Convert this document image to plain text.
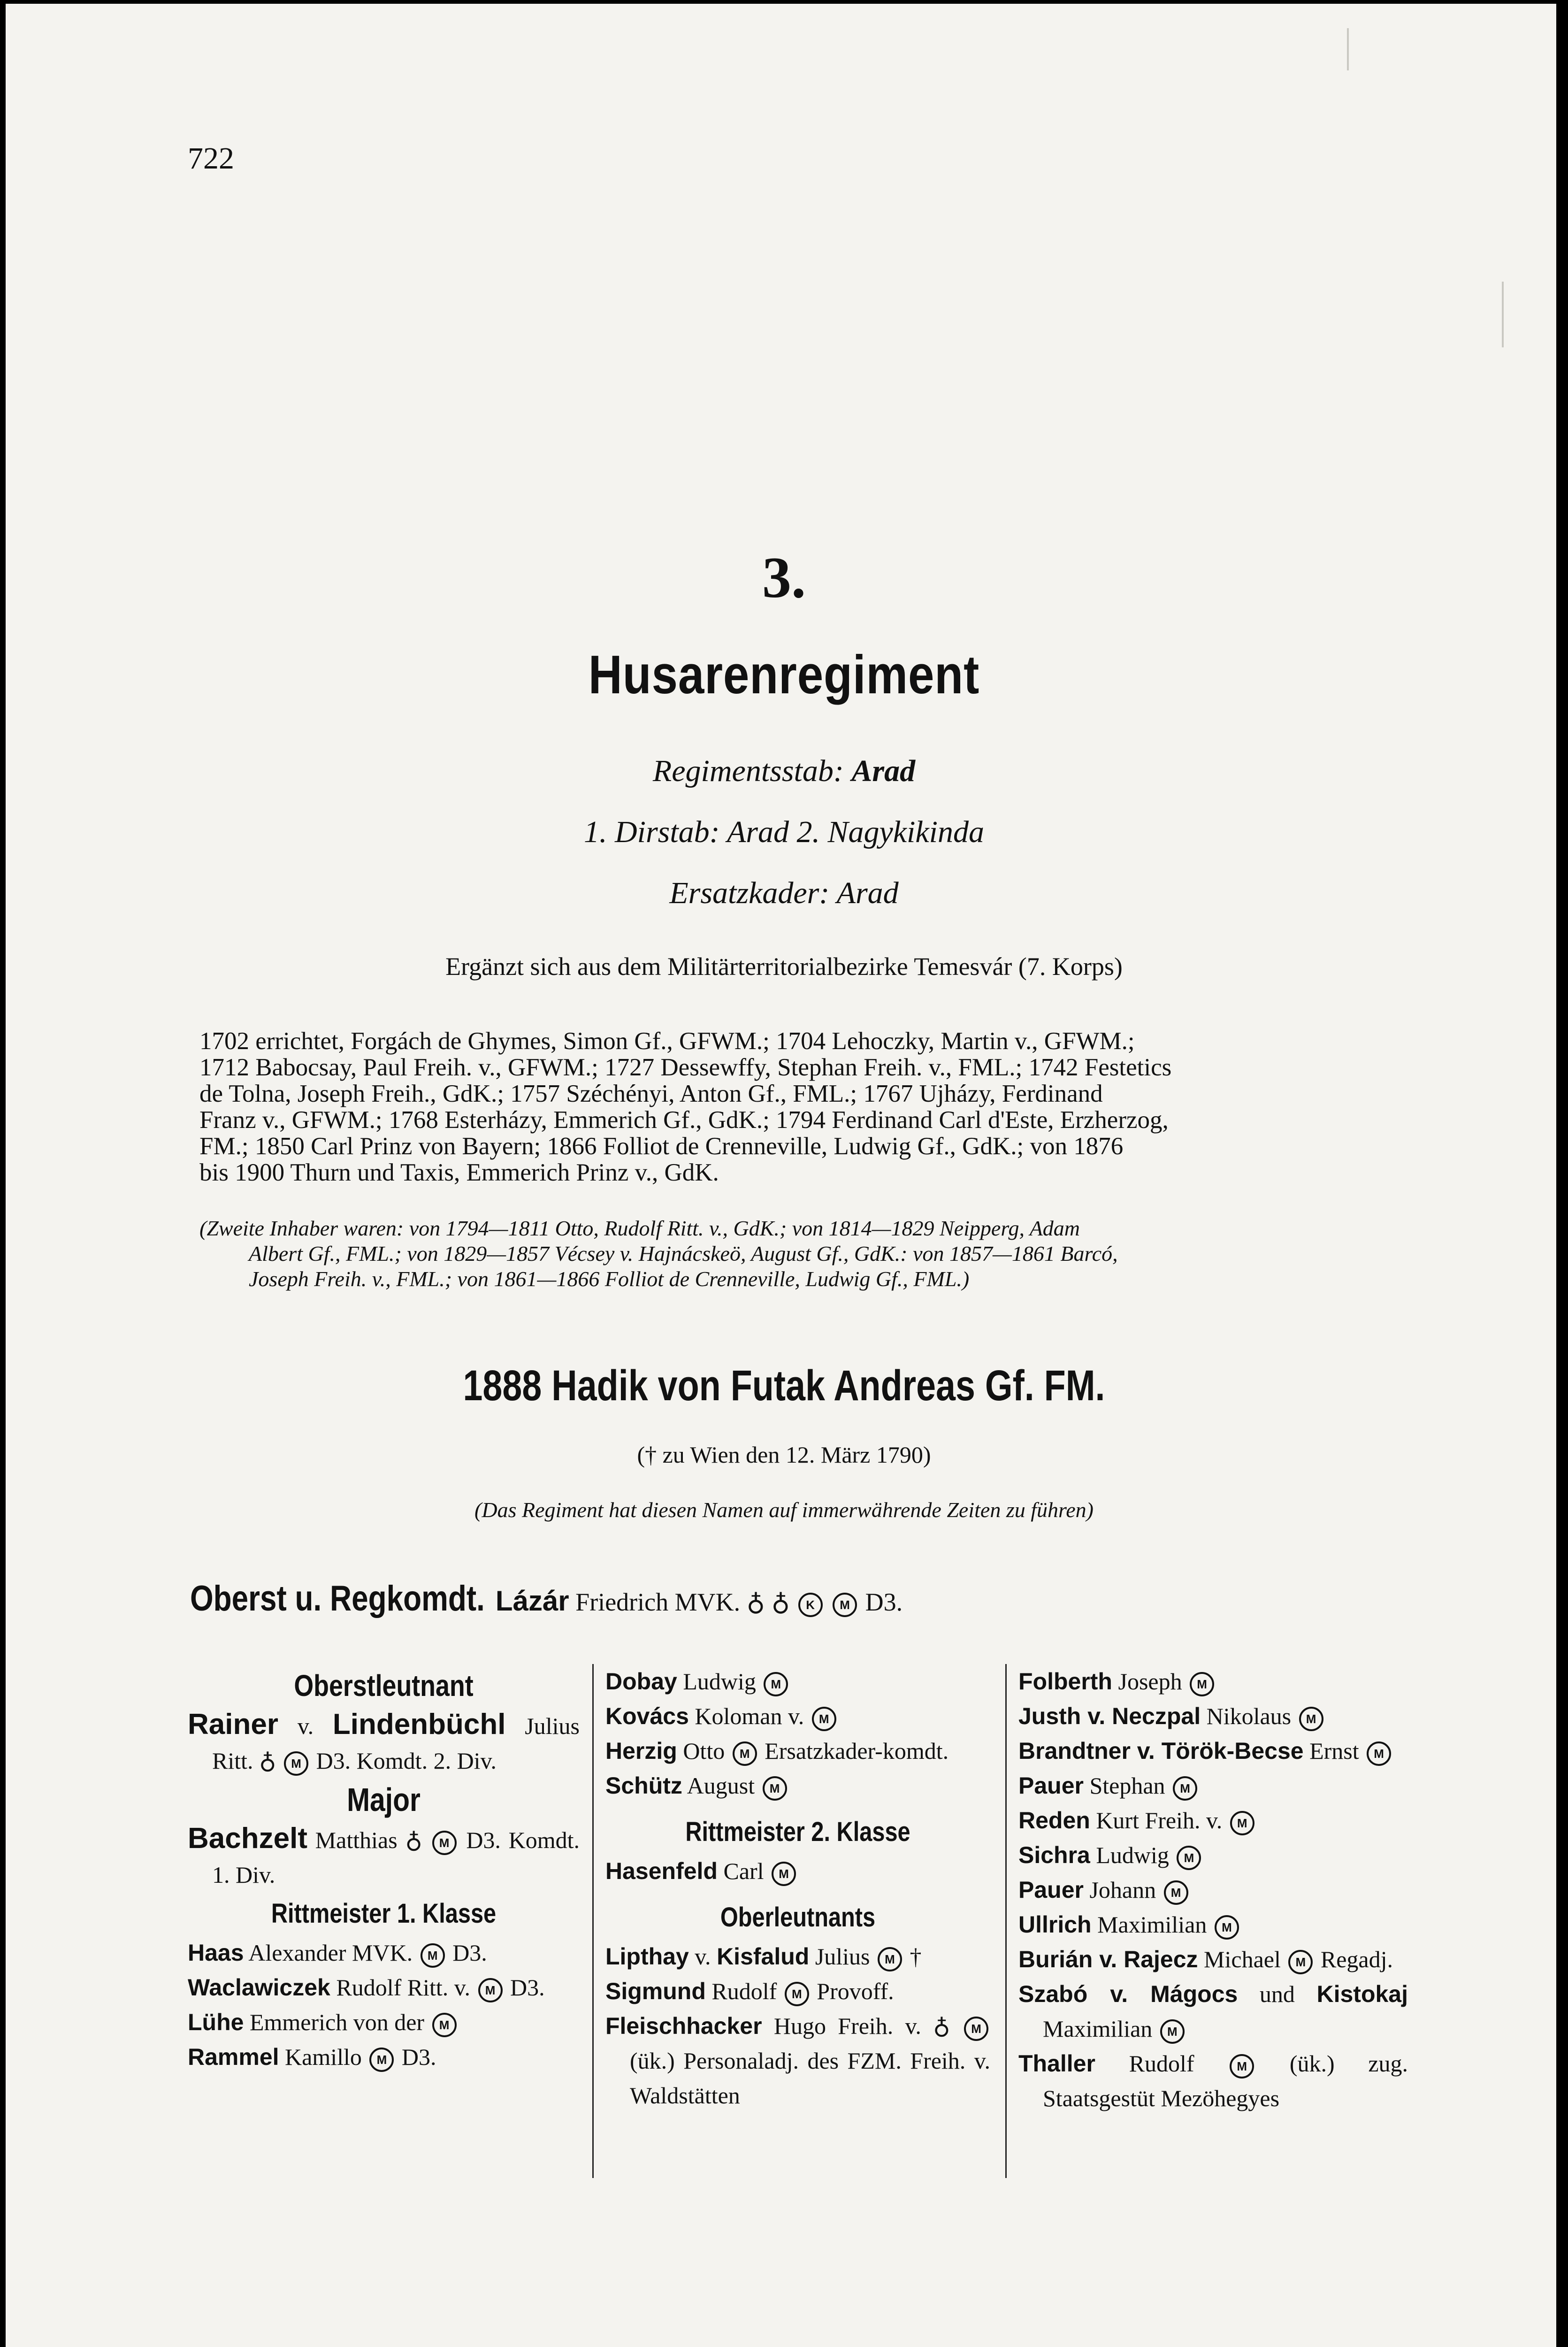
722
3.
Husarenregiment
Regimentsstab: Arad
1. Dirstab: Arad 2. Nagykikinda
Ersatzkader: Arad
Ergänzt sich aus dem Militärterritorialbezirke Temesvár (7. Korps)
1702 errichtet, Forgách de Ghymes, Simon Gf., GFWM.; 1704 Lehoczky, Martin v., GFWM.;
1712 Babocsay, Paul Freih. v., GFWM.; 1727 Dessewffy, Stephan Freih. v., FML.; 1742 Festetics
de Tolna, Joseph Freih., GdK.; 1757 Széchényi, Anton Gf., FML.; 1767 Ujházy, Ferdinand
Franz v., GFWM.; 1768 Esterházy, Emmerich Gf., GdK.; 1794 Ferdinand Carl d'Este, Erzherzog,
FM.; 1850 Carl Prinz von Bayern; 1866 Folliot de Crenneville, Ludwig Gf., GdK.; von 1876
bis 1900 Thurn und Taxis, Emmerich Prinz v., GdK.
(Zweite Inhaber waren: von 1794—1811 Otto, Rudolf Ritt. v., GdK.; von 1814—1829 Neipperg, Adam
Albert Gf., FML.; von 1829—1857 Vécsey v. Hajnácskeö, August Gf., GdK.: von 1857—1861 Barcó,
Joseph Freih. v., FML.; von 1861—1866 Folliot de Crenneville, Ludwig Gf., FML.)
1888 Hadik von Futak Andreas Gf. FM.
(† zu Wien den 12. März 1790)
(Das Regiment hat diesen Namen auf immerwährende Zeiten zu führen)
Oberst u. Regkomdt. Lázár Friedrich MVK. ♁ ♁ K M D3.
Oberstleutnant
Rainer v. Lindenbüchl Julius Ritt. ♁ M D3. Komdt. 2. Div.
Major
Bachzelt Matthias ♁ M D3. Komdt. 1. Div.
Rittmeister 1. Klasse
Haas Alexander MVK. M D3.
Waclawiczek Rudolf Ritt. v. M D3.
Lühe Emmerich von der M
Rammel Kamillo M D3.
Dobay Ludwig M
Kovács Koloman v. M
Herzig Otto M Ersatzkader-komdt.
Schütz August M
Rittmeister 2. Klasse
Hasenfeld Carl M
Oberleutnants
Lipthay v. Kisfalud Julius M †
Sigmund Rudolf M Provoff.
Fleischhacker Hugo Freih. v. ♁ M (ük.) Personaladj. des FZM. Freih. v. Waldstätten
Folberth Joseph M
Justh v. Neczpal Nikolaus M
Brandtner v. Török-Becse Ernst M
Pauer Stephan M
Reden Kurt Freih. v. M
Sichra Ludwig M
Pauer Johann M
Ullrich Maximilian M
Burián v. Rajecz Michael M Regadj.
Szabó v. Mágocs und Kistokaj Maximilian M
Thaller Rudolf	M (ük.) zug. Staatsgestüt Mezöhegyes
